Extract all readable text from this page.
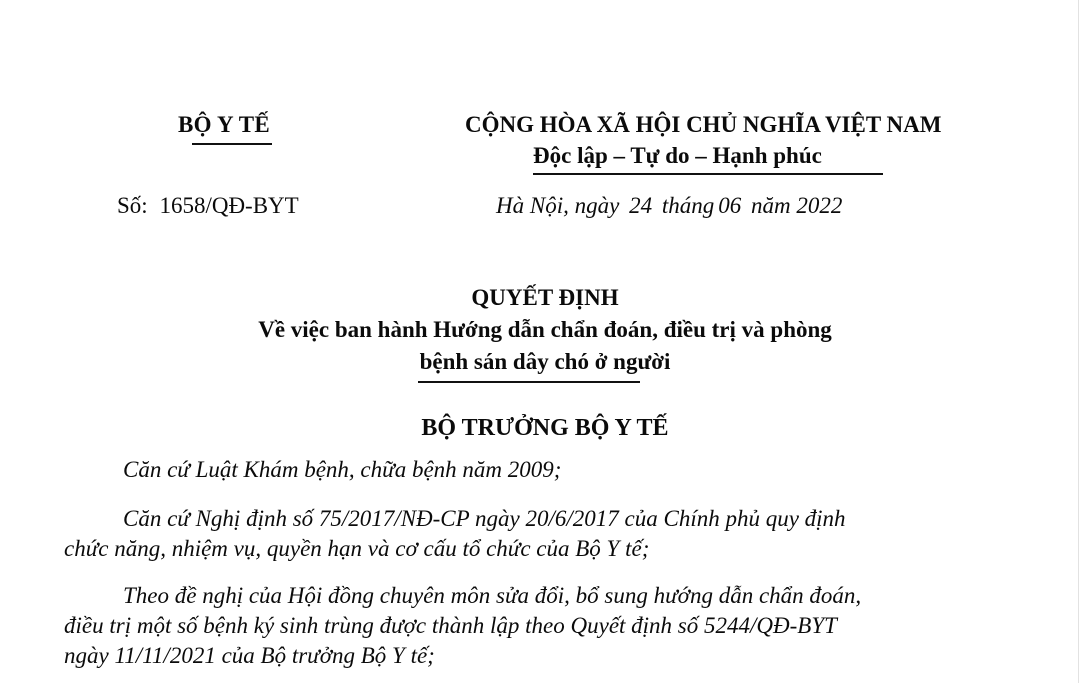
BỘ Y TẾ	CỘNG HÒA XÃ HỘI CHỦ NGHĨA VIỆT NAM
Độc lập – Tự do – Hạnh phúc
Số: 1658/QĐ-BYT	Hà Nội, ngày 24 tháng 06 năm 2022
QUYẾT ĐỊNH
Về việc ban hành Hướng dẫn chẩn đoán, điều trị và phòng
bệnh sán dây chó ở người
BỘ TRƯỞNG BỘ Y TẾ
Căn cứ Luật Khám bệnh, chữa bệnh năm 2009;
Căn cứ Nghị định số 75/2017/NĐ-CP ngày 20/6/2017 của Chính phủ quy định
chức năng, nhiệm vụ, quyền hạn và cơ cấu tổ chức của Bộ Y tế;
Theo đề nghị của Hội đồng chuyên môn sửa đổi, bổ sung hướng dẫn chẩn đoán,
điều trị một số bệnh ký sinh trùng được thành lập theo Quyết định số 5244/QĐ-BYT
ngày 11/11/2021 của Bộ trưởng Bộ Y tế;
